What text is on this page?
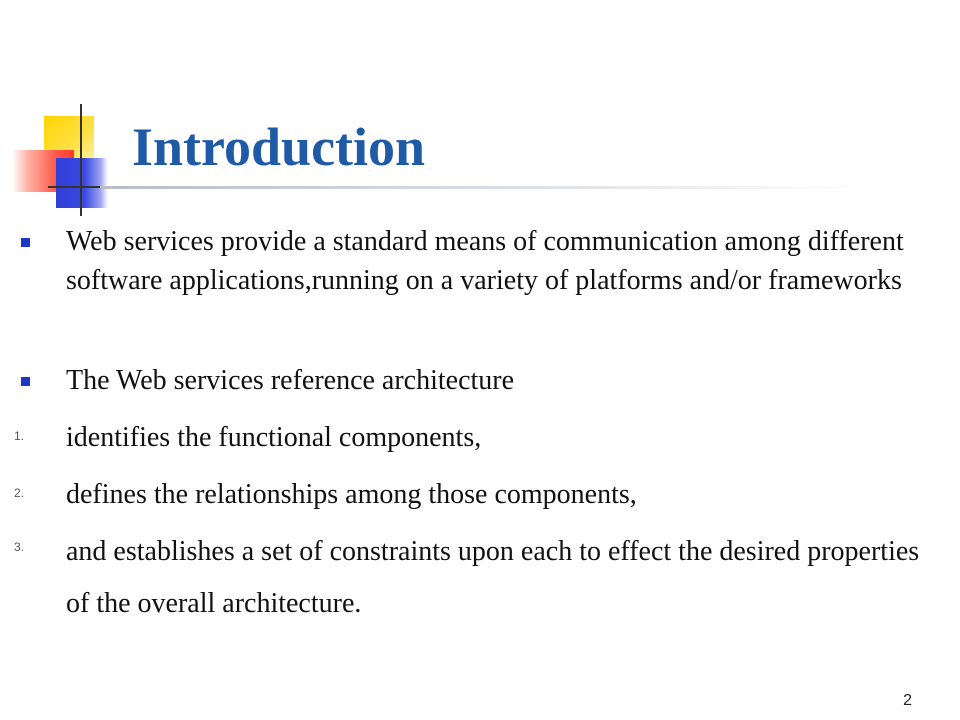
Introduction
Web services provide a standard means of communication among different software applications,running on a variety of platforms and/or frameworks
The Web services reference architecture
1. identifies the functional components,
2. defines the relationships among those components,
3. and establishes a set of constraints upon each to effect the desired properties of the overall architecture.
2
